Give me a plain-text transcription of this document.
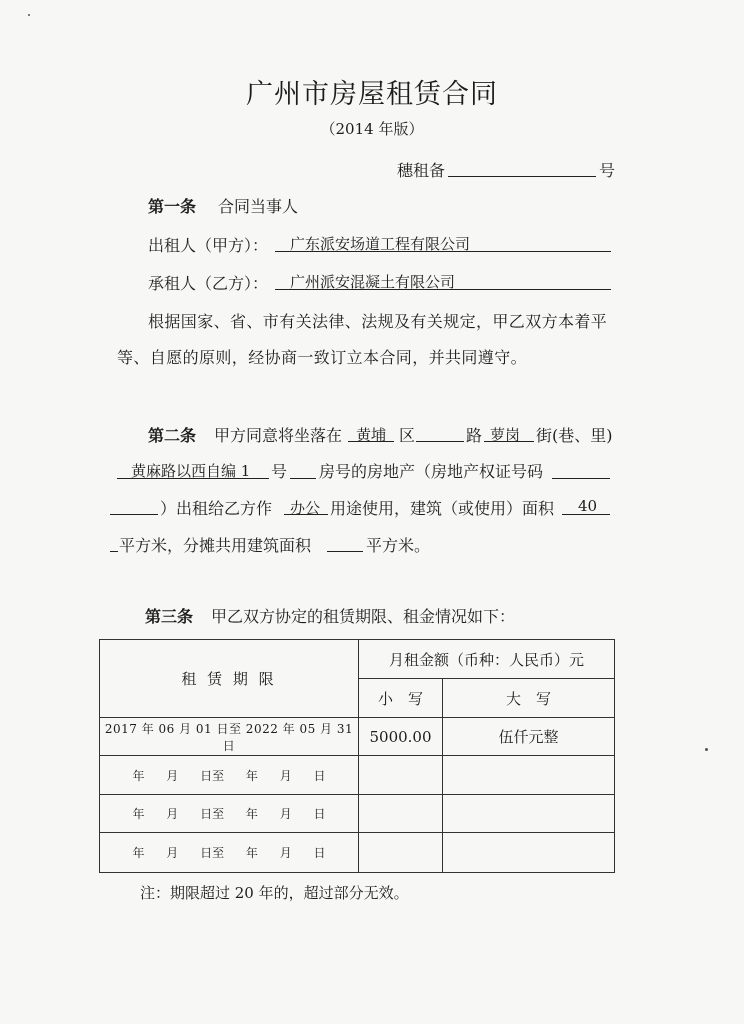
广州市房屋租赁合同
（2014 年版）
穗租备	号
第一条 合同当事人
出租人（甲方）： 广东派安场道工程有限公司
承租人（乙方）： 广州派安混凝土有限公司
根据国家、省、市有关法律、法规及有关规定，甲乙双方本着平
等、自愿的原则，经协商一致订立本合同，并共同遵守。
第二条 甲方同意将坐落在 黄埔 区	路 萝岗 街(巷、里)
黄麻路以西自编 1 号 房号的房地产（房地产权证号码
）出租给乙方作 办公 用途使用，建筑（或使用）面积 40
平方米，分摊共用建筑面积	平方米。
第三条 甲乙双方协定的租赁期限、租金情况如下：
租 赁 期 限	月租金额（币种：人民币）元	
	小　写	大　写
2017 年 06 月 01 日至 2022 年 05 月 31 日	5000.00	伍仟元整
年 月 日至 年 月 日		
年 月 日至 年 月 日		
年 月 日至 年 月 日		
注：期限超过 20 年的，超过部分无效。
